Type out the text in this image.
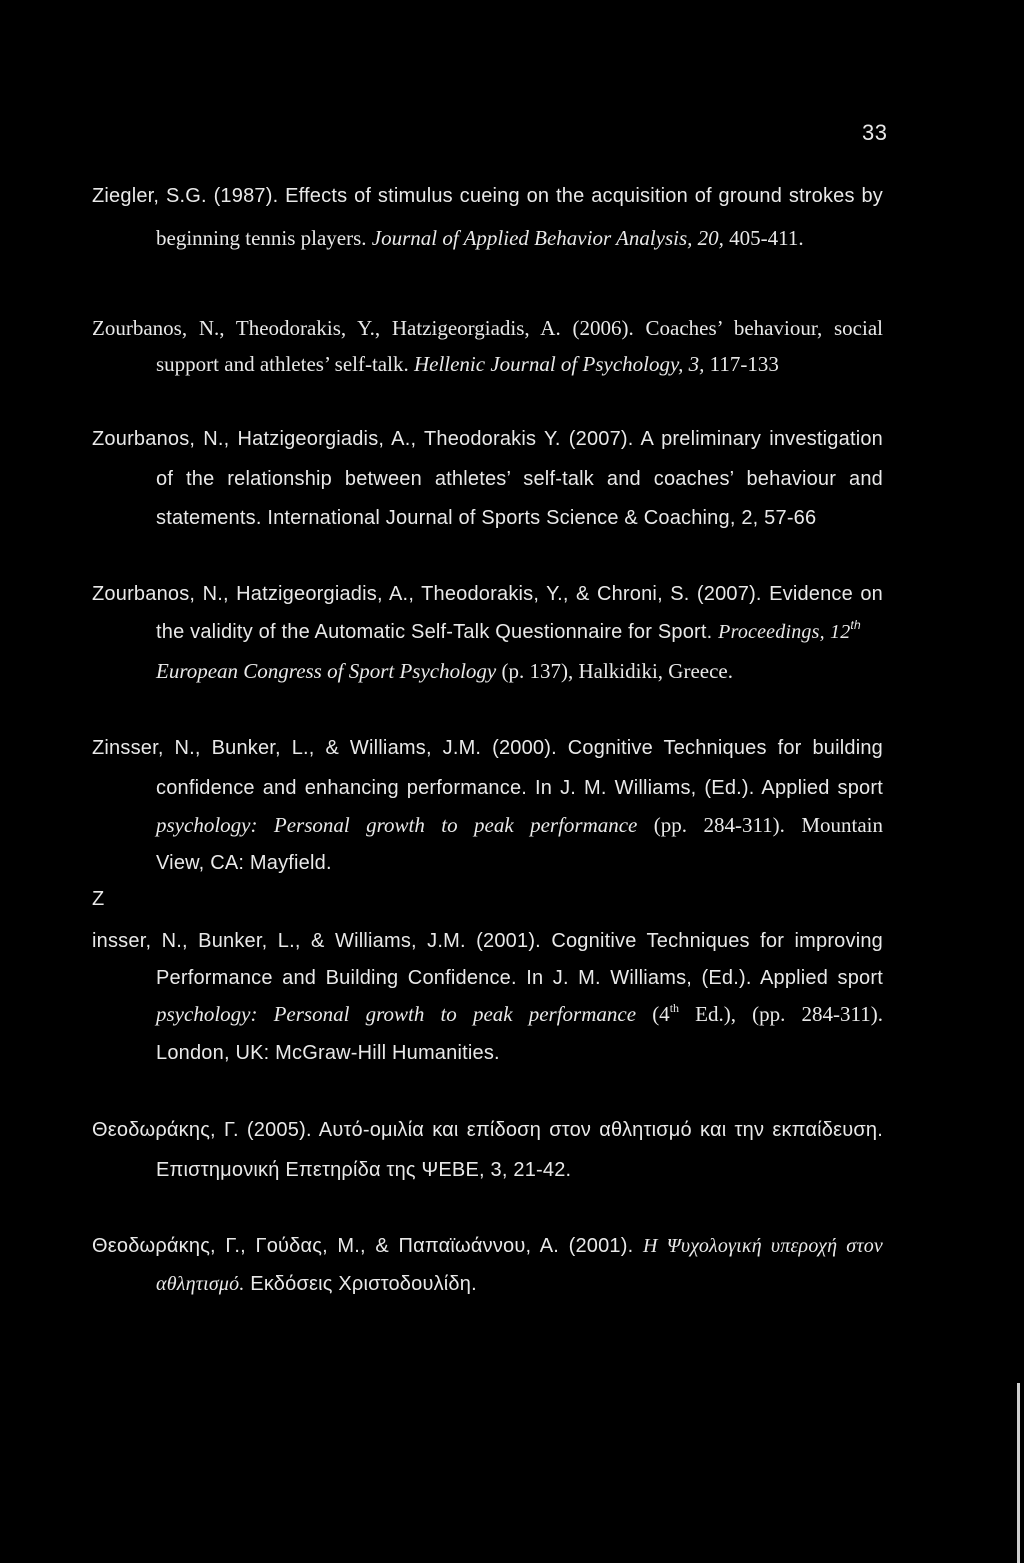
33
Ziegler, S.G. (1987). Effects of stimulus cueing on the acquisition of ground strokes by
beginning tennis players. Journal of Applied Behavior Analysis, 20, 405-411.
Zourbanos, N., Theodorakis, Y., Hatzigeorgiadis, A. (2006). Coaches’ behaviour, social
support and athletes’ self-talk. Hellenic Journal of Psychology, 3, 117-133
Zourbanos, N., Hatzigeorgiadis, A., Theodorakis Y. (2007). A preliminary investigation
of the relationship between athletes’ self-talk and coaches’ behaviour and
statements. International Journal of Sports Science & Coaching, 2, 57-66
Zourbanos, N., Hatzigeorgiadis, A., Theodorakis, Y., & Chroni, S. (2007). Evidence on
the validity of the Automatic Self-Talk Questionnaire for Sport. Proceedings, 12th
European Congress of Sport Psychology (p. 137), Halkidiki, Greece.
Zinsser, N., Bunker, L., & Williams, J.M. (2000). Cognitive Techniques for building
confidence and enhancing performance. In J. M. Williams, (Ed.). Applied sport
psychology: Personal growth to peak performance (pp. 284-311). Mountain
View, CA: Mayfield.
Z
insser, N., Bunker, L., & Williams, J.M. (2001). Cognitive Techniques for improving
Performance and Building Confidence. In J. M. Williams, (Ed.). Applied sport
psychology: Personal growth to peak performance (4th Ed.), (pp. 284-311).
London, UK: McGraw-Hill Humanities.
Θεοδωράκης, Γ. (2005). Αυτό-ομιλία και επίδοση στον αθλητισμό και την εκπαίδευση.
Επιστημονική Επετηρίδα της ΨΕΒΕ, 3, 21-42.
Θεοδωράκης, Γ., Γούδας, Μ., & Παπαϊωάννου, Α. (2001). Η Ψυχολογική υπεροχή στον
αθλητισμό. Εκδόσεις Χριστοδουλίδη.
